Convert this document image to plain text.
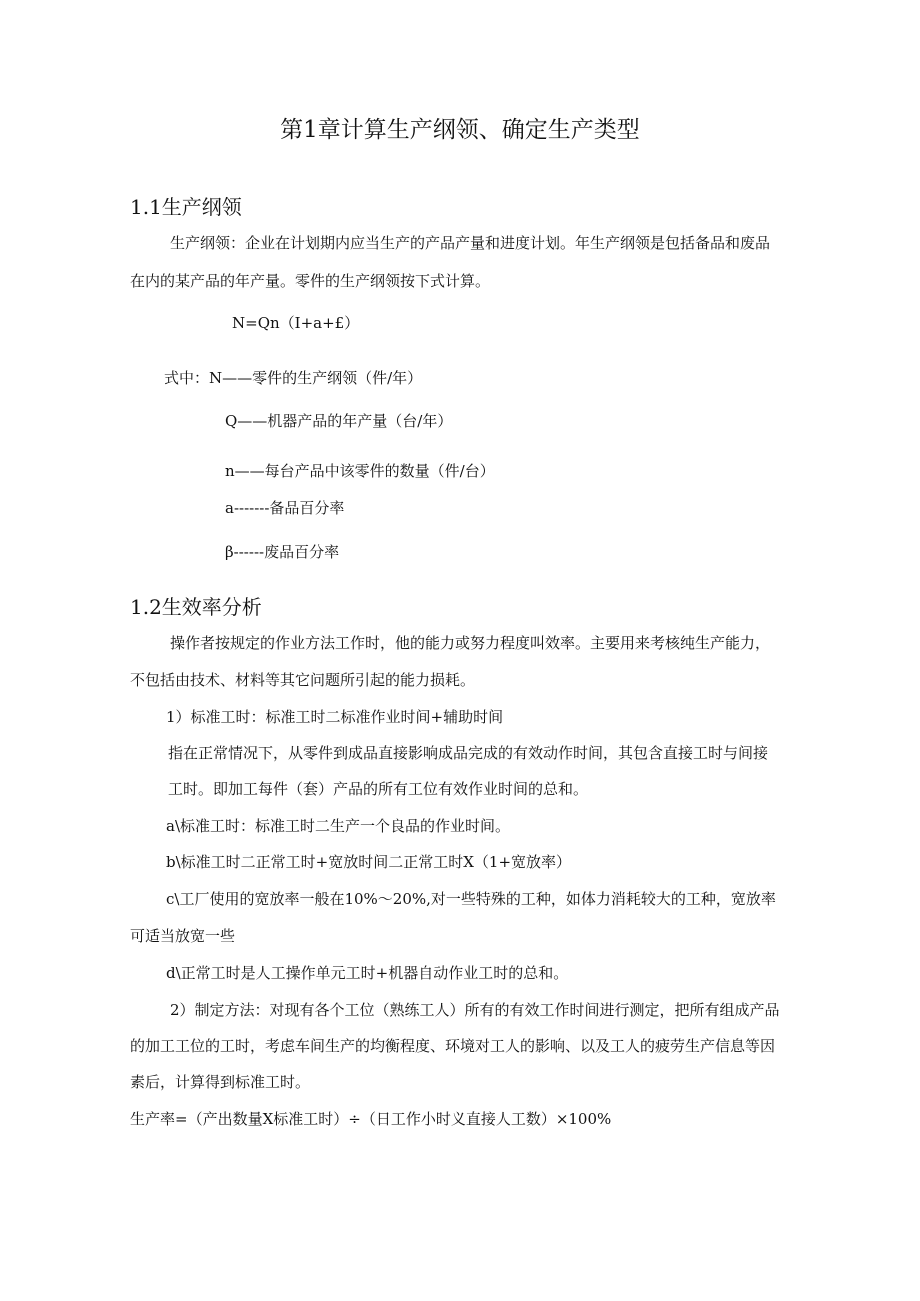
第1章计算生产纲领、确定生产类型
1.1生产纲领

生产纲领：企业在计划期内应当生产的产品产量和进度计划。年生产纲领是包括备品和废品

在内的某产品的年产量。零件的生产纲领按下式计算。

N=Qn（I+a+£）

式中：N——零件的生产纲领（件/年）

Q——机器产品的年产量（台/年）

n——每台产品中该零件的数量（件/台）

a-------备品百分率

β------废品百分率

1.2生效率分析

操作者按规定的作业方法工作时，他的能力或努力程度叫效率。主要用来考核纯生产能力，

不包括由技术、材料等其它问题所引起的能力损耗。

1）标准工时：标准工时二标准作业时间+辅助时间

指在正常情况下，从零件到成品直接影响成品完成的有效动作时间，其包含直接工时与间接

工时。即加工每件（套）产品的所有工位有效作业时间的总和。

a\标准工时：标准工时二生产一个良品的作业时间。

b\标准工时二正常工时+宽放时间二正常工时X（1+宽放率）

c\工厂使用的宽放率一般在10%～20%,对一些特殊的工种，如体力消耗较大的工种，宽放率

可适当放宽一些

d\正常工时是人工操作单元工时+机器自动作业工时的总和。

2）制定方法：对现有各个工位（熟练工人）所有的有效工作时间进行测定，把所有组成产品

的加工工位的工时，考虑车间生产的均衡程度、环境对工人的影响、以及工人的疲劳生产信息等因

素后，计算得到标准工时。

生产率=（产出数量X标准工时）÷（日工作小时义直接人工数）×100%
